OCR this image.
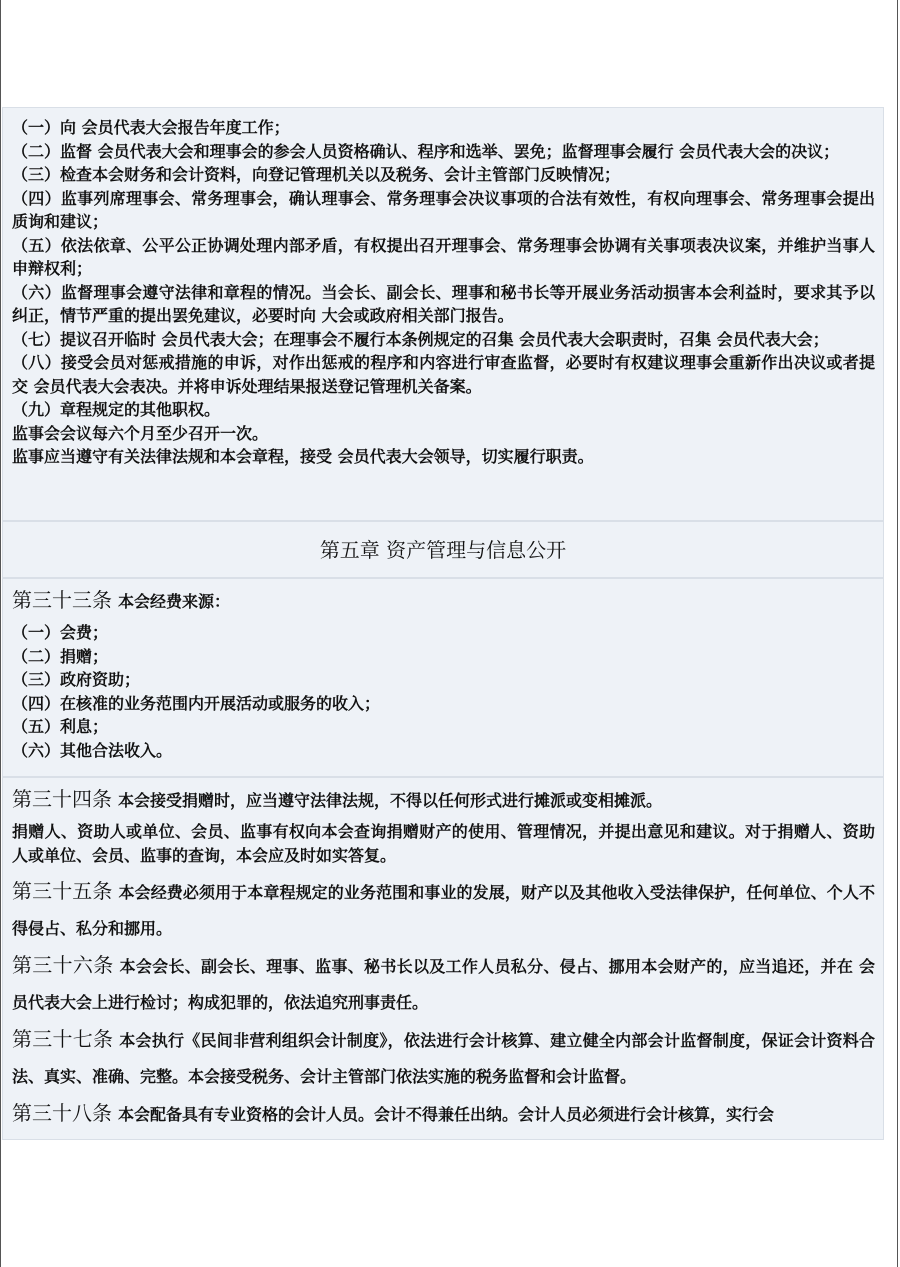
（一）向 会员代表大会报告年度工作；

（二）监督 会员代表大会和理事会的参会人员资格确认、程序和选举、罢免；监督理事会履行 会员代表大会的决议；

（三）检查本会财务和会计资料，向登记管理机关以及税务、会计主管部门反映情况；

（四）监事列席理事会、常务理事会，确认理事会、常务理事会决议事项的合法有效性，有权向理事会、常务理事会提出质询和建议；

（五）依法依章、公平公正协调处理内部矛盾，有权提出召开理事会、常务理事会协调有关事项表决议案，并维护当事人申辩权利；

（六）监督理事会遵守法律和章程的情况。当会长、副会长、理事和秘书长等开展业务活动损害本会利益时，要求其予以纠正，情节严重的提出罢免建议，必要时向 大会或政府相关部门报告。

（七）提议召开临时 会员代表大会；在理事会不履行本条例规定的召集 会员代表大会职责时，召集 会员代表大会；

（八）接受会员对惩戒措施的申诉，对作出惩戒的程序和内容进行审查监督，必要时有权建议理事会重新作出决议或者提交 会员代表大会表决。并将申诉处理结果报送登记管理机关备案。

（九）章程规定的其他职权。

监事会会议每六个月至少召开一次。

监事应当遵守有关法律法规和本会章程，接受 会员代表大会领导，切实履行职责。

第五章 资产管理与信息公开
第三十三条 本会经费来源：

（一）会费；

（二）捐赠；

（三）政府资助；

（四）在核准的业务范围内开展活动或服务的收入；

（五）利息；

（六）其他合法收入。

第三十四条 本会接受捐赠时，应当遵守法律法规，不得以任何形式进行摊派或变相摊派。

捐赠人、资助人或单位、会员、监事有权向本会查询捐赠财产的使用、管理情况，并提出意见和建议。对于捐赠人、资助人或单位、会员、监事的查询，本会应及时如实答复。

第三十五条 本会经费必须用于本章程规定的业务范围和事业的发展，财产以及其他收入受法律保护，任何单位、个人不得侵占、私分和挪用。
第三十六条 本会会长、副会长、理事、监事、秘书长以及工作人员私分、侵占、挪用本会财产的，应当追还，并在 会员代表大会上进行检讨；构成犯罪的，依法追究刑事责任。
第三十七条 本会执行《民间非营利组织会计制度》，依法进行会计核算、建立健全内部会计监督制度，保证会计资料合法、真实、准确、完整。本会接受税务、会计主管部门依法实施的税务监督和会计监督。
第三十八条 本会配备具有专业资格的会计人员。会计不得兼任出纳。会计人员必须进行会计核算，实行会
